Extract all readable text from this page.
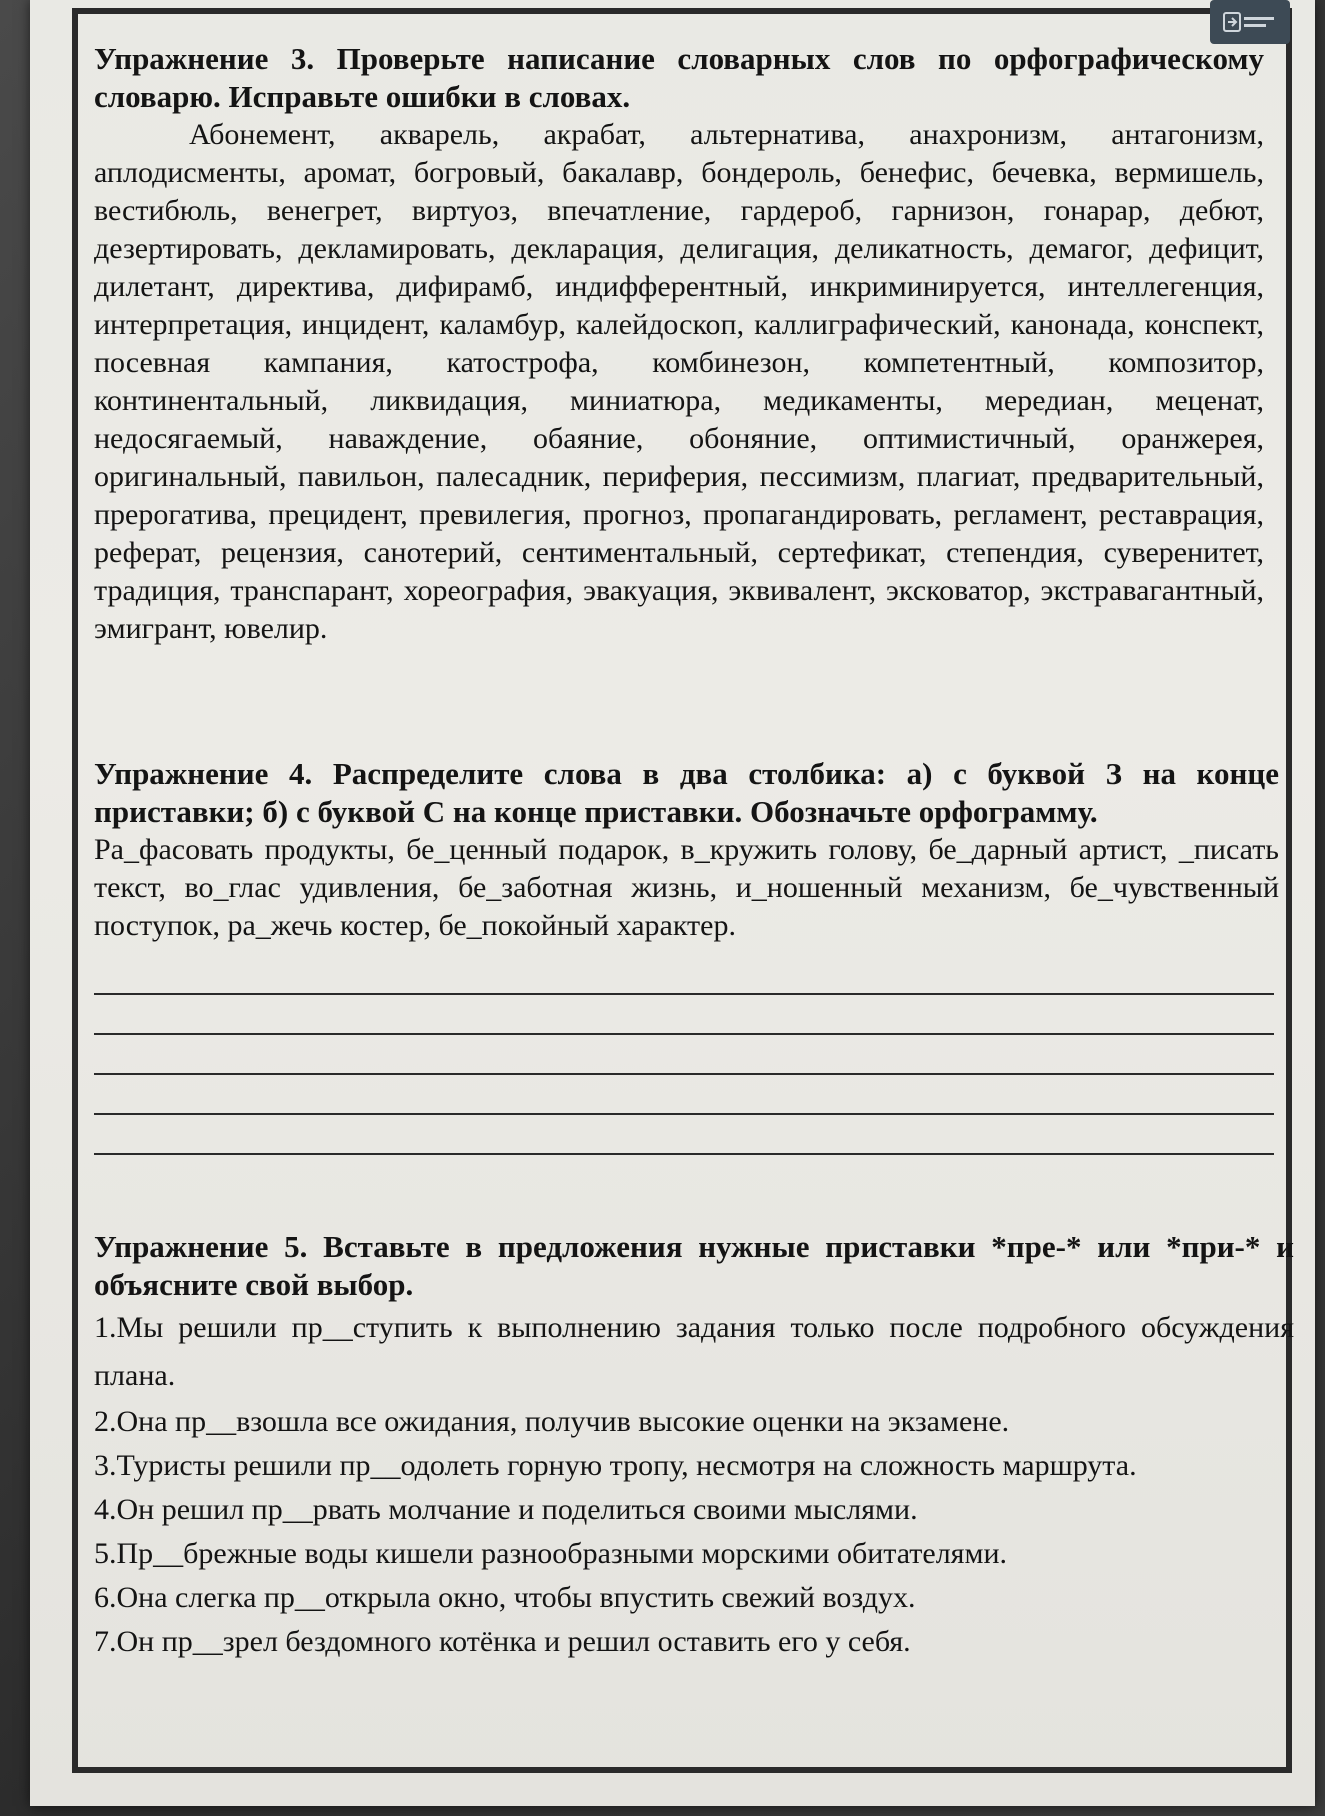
Упражнение 3. Проверьте написание словарных слов по орфографическому словарю. Исправьте ошибки в словах.

Абонемент, акварель, акрабат, альтернатива, анахронизм, антагонизм, аплодисменты, аромат, богровый, бакалавр, бондероль, бенефис, бечевка, вермишель, вестибюль, венегрет, виртуоз, впечатление, гардероб, гарнизон, гонарар, дебют, дезертировать, декламировать, декларация, делигация, деликатность, демагог, дефицит, дилетант, директива, дифирамб, индифферентный, инкриминируется, интеллегенция, интерпретация, инцидент, каламбур, калейдоскоп, каллиграфический, канонада, конспект, посевная кампания, катострофа, комбинезон, компетентный, композитор, континентальный, ликвидация, миниатюра, медикаменты, мередиан, меценат, недосягаемый, наваждение, обаяние, обоняние, оптимистичный, оранжерея, оригинальный, павильон, палесадник, периферия, пессимизм, плагиат, предварительный, прерогатива, прецидент, превилегия, прогноз, пропагандировать, регламент, реставрация, реферат, рецензия, санотерий, сентиментальный, сертефикат, степендия, суверенитет, традиция, транспарант, хореография, эвакуация, эквивалент, эксковатор, экстравагантный, эмигрант, ювелир.

Упражнение 4. Распределите слова в два столбика: а) с буквой З на конце приставки; б) с буквой С на конце приставки. Обозначьте орфограмму.

Ра_фасовать продукты, бе_ценный подарок, в_кружить голову, бе_дарный артист, _писать текст, во_глас удивления, бе_заботная жизнь, и_ношенный механизм, бе_чувственный поступок, ра_жечь костер, бе_покойный характер.

Упражнение 5. Вставьте в предложения нужные приставки *пре-* или *при-* и объясните свой выбор.

1.Мы решили пр__ступить к выполнению задания только после подробного обсуждения плана.

2.Она пр__взошла все ожидания, получив высокие оценки на экзамене.

3.Туристы решили пр__одолеть горную тропу, несмотря на сложность маршрута.

4.Он решил пр__рвать молчание и поделиться своими мыслями.

5.Пр__брежные воды кишели разнообразными морскими обитателями.

6.Она слегка пр__открыла окно, чтобы впустить свежий воздух.

7.Он пр__зрел бездомного котёнка и решил оставить его у себя.
